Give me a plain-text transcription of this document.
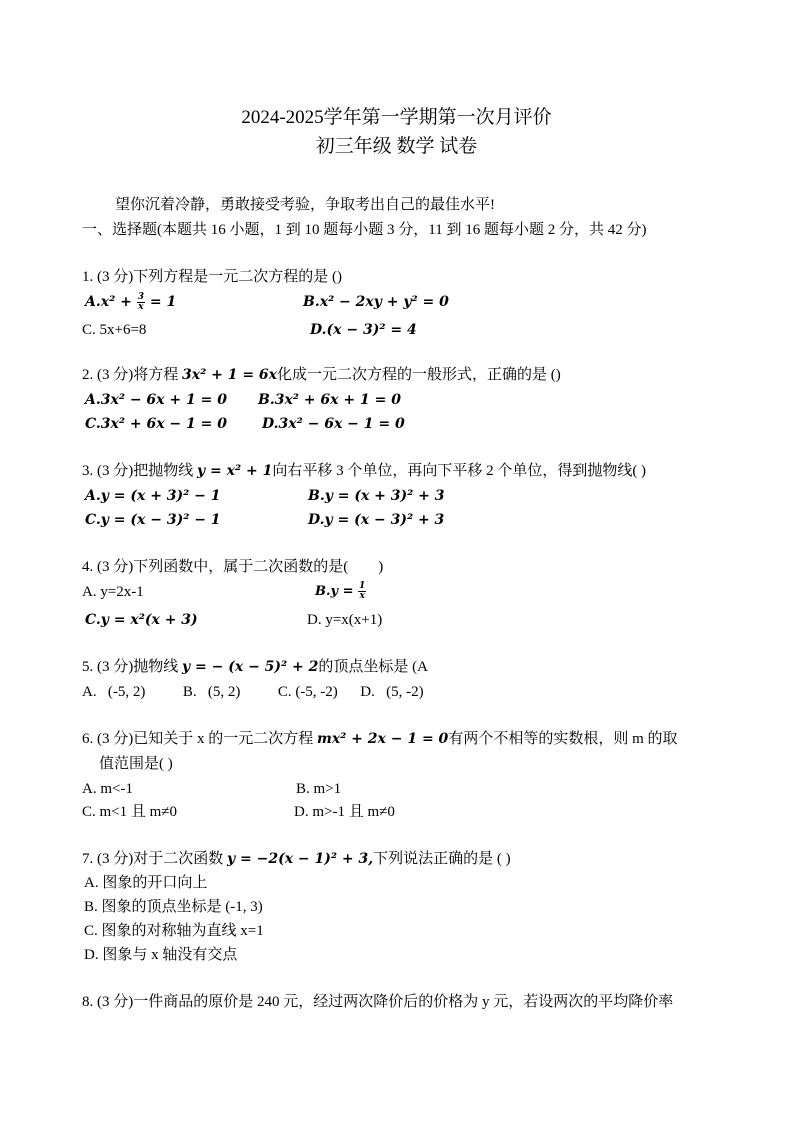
2024-2025学年第一学期第一次月评价
初三年级 数学 试卷
望你沉着冷静，勇敢接受考验，争取考出自己的最佳水平!
一、选择题(本题共 16 小题，1 到 10 题每小题 3 分，11 到 16 题每小题 2 分，共 42 分)
1. (3 分)下列方程是一元二次方程的是 ()
$A.x^2 + \frac{3}{x} = 1$	B.x² − 2xy + y² = 0
C. 5x+6=8	D.(x − 3)² = 4
2. (3 分)将方程 3x² + 1 = 6x化成一元二次方程的一般形式，正确的是 ()
A.3x² − 6x + 1 = 0 B.3x² + 6x + 1 = 0
C.3x² + 6x − 1 = 0	D.3x² − 6x − 1 = 0
3. (3 分)把抛物线 y = x² + 1向右平移 3 个单位，再向下平移 2 个单位，得到抛物线( )
A.y = (x + 3)² − 1	B.y = (x + 3)² + 3
C.y = (x − 3)² − 1	D.y = (x − 3)² + 3
4. (3 分)下列函数中，属于二次函数的是(　　)
A. y=2x-1	$B.y = \frac{1}{x}$
C.y = x²(x + 3)	D. y=x(x+1)
5. (3 分)抛物线 y = − (x − 5)² + 2的顶点坐标是 (A
A.   (-5, 2)          B.   (5, 2)          C. (-5, -2)      D.   (5, -2)
6. (3 分)已知关于 x 的一元二次方程 mx² + 2x − 1 = 0有两个不相等的实数根，则 m 的取
值范围是( )
A. m<-1	B. m>1
C. m<1 且 m≠0	D. m>-1 且 m≠0
7. (3 分)对于二次函数 y = −2(x − 1)² + 3,下列说法正确的是 ( )
A. 图象的开口向上
B. 图象的顶点坐标是 (-1, 3)
C. 图象的对称轴为直线 x=1
D. 图象与 x 轴没有交点
8. (3 分)一件商品的原价是 240 元，经过两次降价后的价格为 y 元，若设两次的平均降价率
